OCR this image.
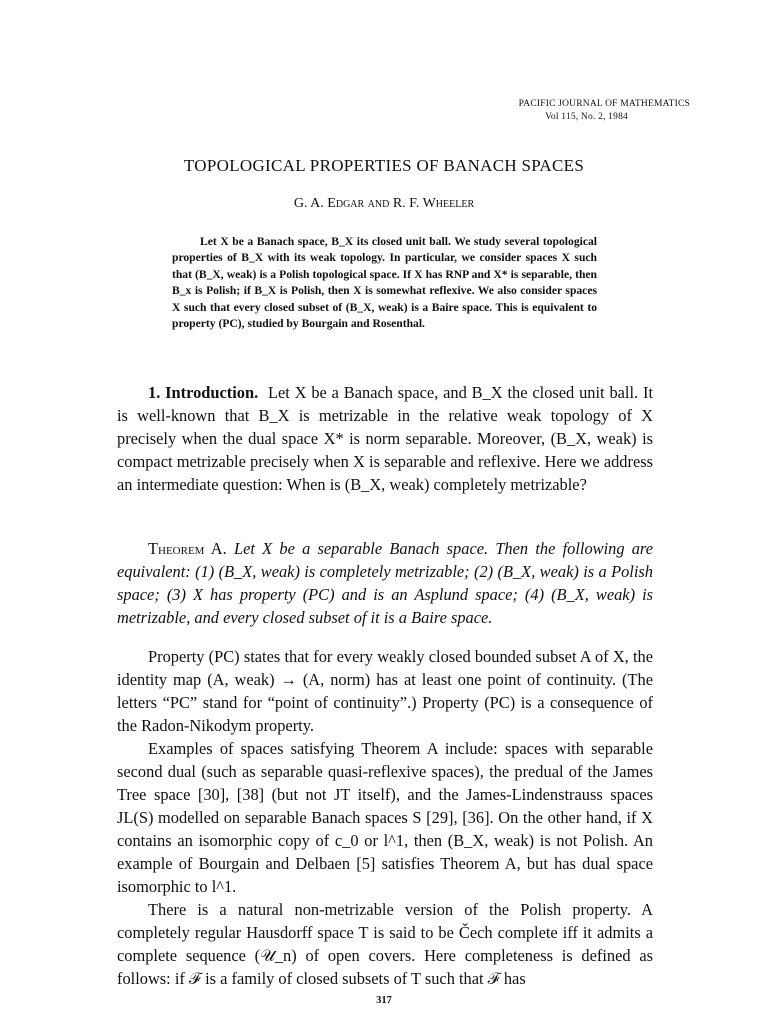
PACIFIC JOURNAL OF MATHEMATICS
Vol 115, No. 2, 1984
TOPOLOGICAL PROPERTIES OF BANACH SPACES
G. A. Edgar and R. F. Wheeler
Let X be a Banach space, B_X its closed unit ball. We study several topological properties of B_X with its weak topology. In particular, we consider spaces X such that (B_X, weak) is a Polish topological space. If X has RNP and X* is separable, then B_x is Polish; if B_X is Polish, then X is somewhat reflexive. We also consider spaces X such that every closed subset of (B_X, weak) is a Baire space. This is equivalent to property (PC), studied by Bourgain and Rosenthal.

1. Introduction. Let X be a Banach space, and B_X the closed unit ball. It is well-known that B_X is metrizable in the relative weak topology of X precisely when the dual space X* is norm separable. Moreover, (B_X, weak) is compact metrizable precisely when X is separable and reflexive. Here we address an intermediate question: When is (B_X, weak) completely metrizable?

Theorem A. Let X be a separable Banach space. Then the following are equivalent: (1) (B_X, weak) is completely metrizable; (2) (B_X, weak) is a Polish space; (3) X has property (PC) and is an Asplund space; (4) (B_X, weak) is metrizable, and every closed subset of it is a Baire space.

Property (PC) states that for every weakly closed bounded subset A of X, the identity map (A, weak) → (A, norm) has at least one point of continuity. (The letters “PC” stand for “point of continuity”.) Property (PC) is a consequence of the Radon-Nikodym property.

Examples of spaces satisfying Theorem A include: spaces with separable second dual (such as separable quasi-reflexive spaces), the predual of the James Tree space [30], [38] (but not JT itself), and the James-Lindenstrauss spaces JL(S) modelled on separable Banach spaces S [29], [36]. On the other hand, if X contains an isomorphic copy of c_0 or l^1, then (B_X, weak) is not Polish. An example of Bourgain and Delbaen [5] satisfies Theorem A, but has dual space isomorphic to l^1.

There is a natural non-metrizable version of the Polish property. A completely regular Hausdorff space T is said to be Čech complete iff it admits a complete sequence (𝒰_n) of open covers. Here completeness is defined as follows: if ℱ is a family of closed subsets of T such that ℱ has

317
